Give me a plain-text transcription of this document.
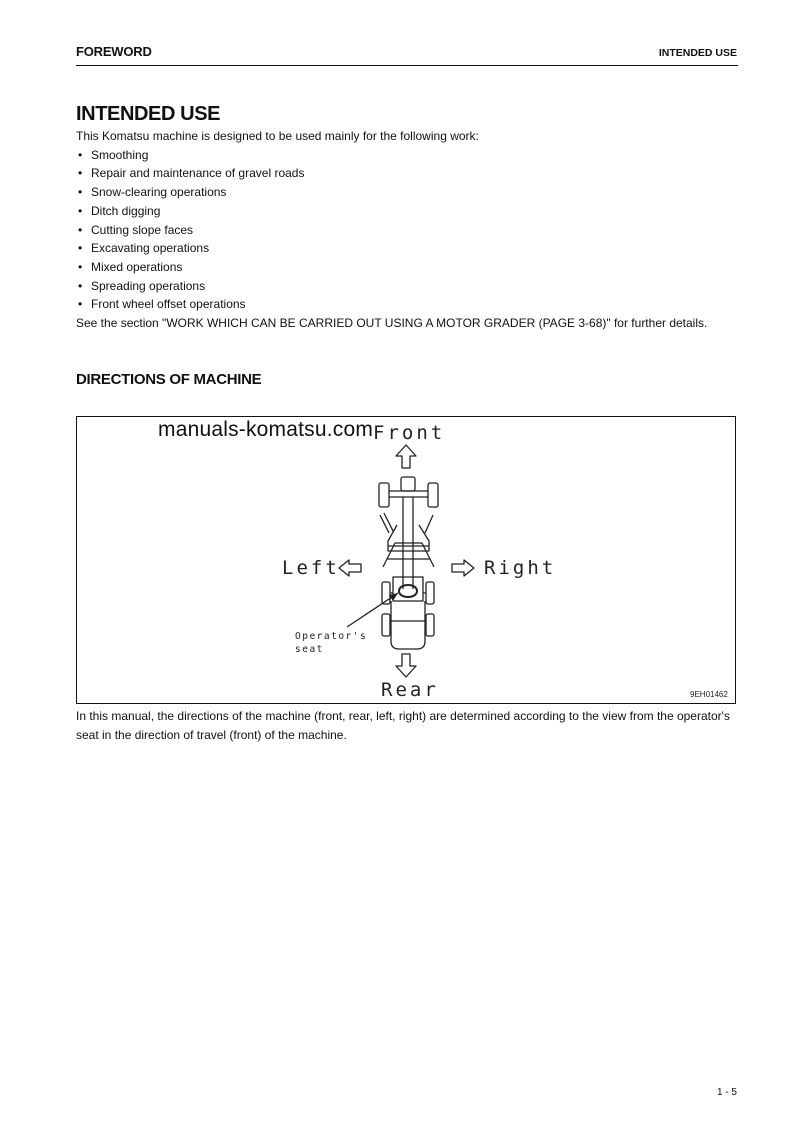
FOREWORD	INTENDED USE
INTENDED USE

This Komatsu machine is designed to be used mainly for the following work:

• Smoothing
• Repair and maintenance of gravel roads
• Snow-clearing operations
• Ditch digging
• Cutting slope faces
• Excavating operations
• Mixed operations
• Spreading operations
• Front wheel offset operations

See the section "WORK WHICH CAN BE CARRIED OUT USING A MOTOR GRADER (PAGE 3-68)" for further details.

DIRECTIONS OF MACHINE
Front
Rear
Left	Right
Operator's seat
9EH01462
manuals-komatsu.com
In this manual, the directions of the machine (front, rear, left, right) are determined according to the view from the operator's seat in the direction of travel (front) of the machine.
1 - 5
